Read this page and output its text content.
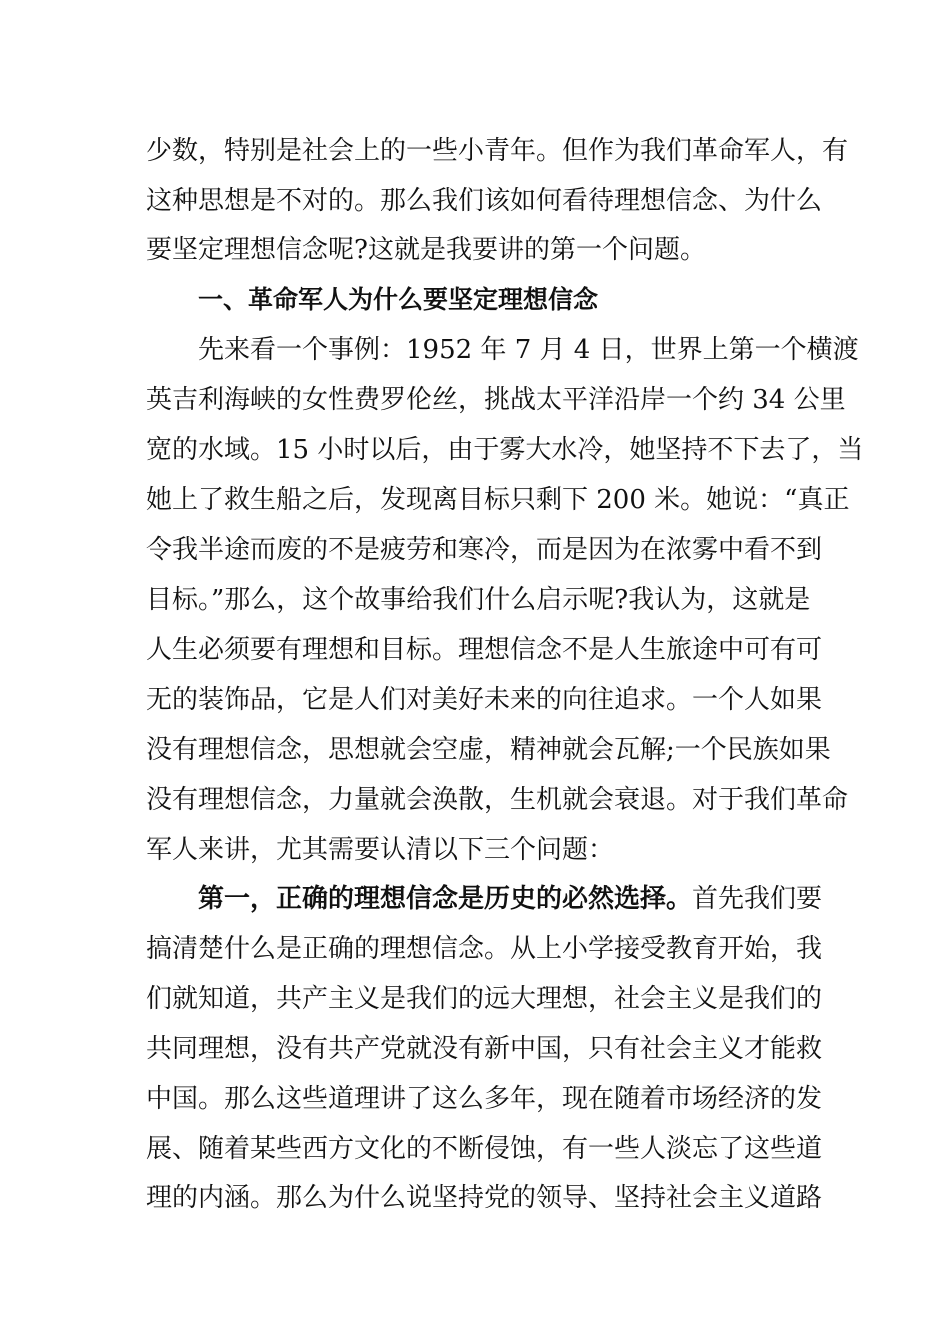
少数，特别是社会上的一些小青年。但作为我们革命军人，有
这种思想是不对的。那么我们该如何看待理想信念、为什么
要坚定理想信念呢?这就是我要讲的第一个问题。
一、革命军人为什么要坚定理想信念
先来看一个事例：1952 年 7 月 4 日，世界上第一个横渡
英吉利海峡的女性费罗伦丝，挑战太平洋沿岸一个约 34 公里
宽的水域。15 小时以后，由于雾大水冷，她坚持不下去了，当
她上了救生船之后，发现离目标只剩下 200 米。她说：“真正
令我半途而废的不是疲劳和寒冷，而是因为在浓雾中看不到
目标。”那么，这个故事给我们什么启示呢?我认为，这就是
人生必须要有理想和目标。理想信念不是人生旅途中可有可
无的装饰品，它是人们对美好未来的向往追求。一个人如果
没有理想信念，思想就会空虚，精神就会瓦解;一个民族如果
没有理想信念，力量就会涣散，生机就会衰退。对于我们革命
军人来讲，尤其需要认清以下三个问题：
第一，正确的理想信念是历史的必然选择。首先我们要
搞清楚什么是正确的理想信念。从上小学接受教育开始，我
们就知道，共产主义是我们的远大理想，社会主义是我们的
共同理想，没有共产党就没有新中国，只有社会主义才能救
中国。那么这些道理讲了这么多年，现在随着市场经济的发
展、随着某些西方文化的不断侵蚀，有一些人淡忘了这些道
理的内涵。那么为什么说坚持党的领导、坚持社会主义道路
